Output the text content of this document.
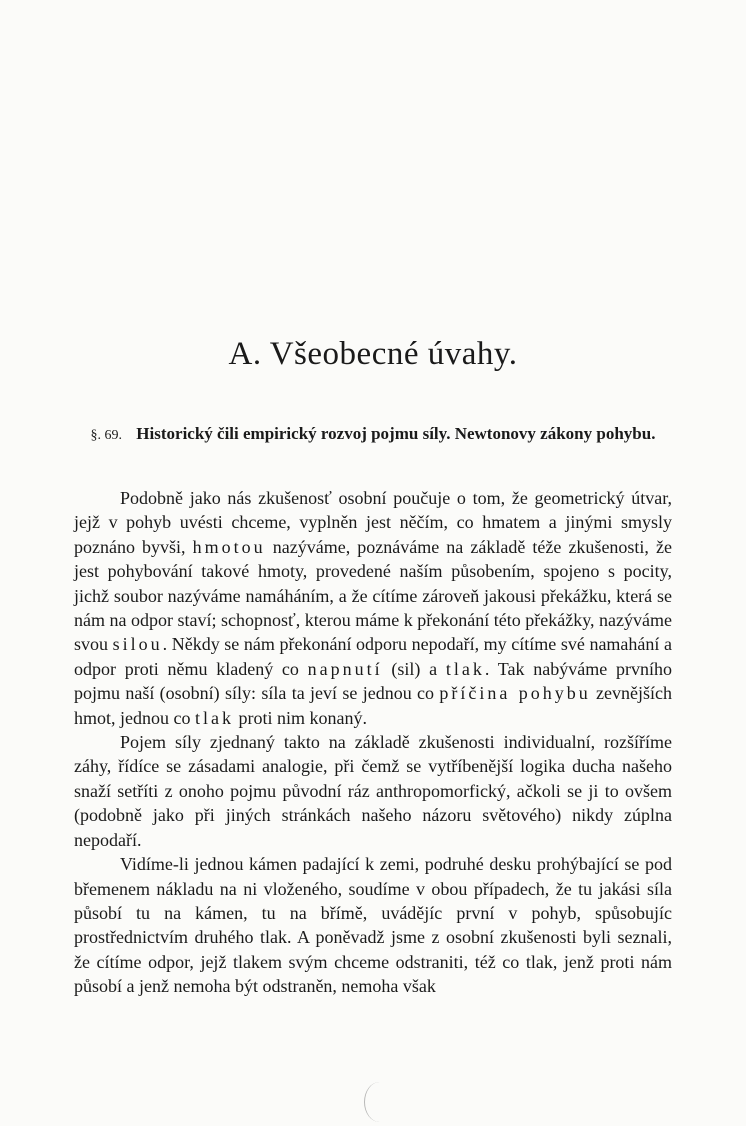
A. Všeobecné úvahy.
§. 69. Historický čili empirický rozvoj pojmu síly. Newtonovy zákony pohybu.

Podobně jako nás zkušenosť osobní poučuje o tom, že geometrický útvar, jejž v pohyb uvésti chceme, vyplněn jest něčím, co hmatem a jinými smysly poznáno byvši, hmotou nazýváme, poznáváme na základě téže zkušenosti, že jest pohybování takové hmoty, provedené naším působením, spojeno s pocity, jichž soubor nazýváme namáháním, a že cítíme zároveň jakousi překážku, která se nám na odpor staví; schopnosť, kterou máme k překonání této překážky, nazýváme svou silou. Někdy se nám překonání odporu nepodaří, my cítíme své namahání a odpor proti němu kladený co napnutí (sil) a tlak. Tak nabýváme prvního pojmu naší (osobní) síly: síla ta jeví se jednou co příčina pohybu zevnějších hmot, jednou co tlak proti nim konaný.

Pojem síly zjednaný takto na základě zkušenosti individualní, rozšíříme záhy, řídíce se zásadami analogie, při čemž se vytříbenější logika ducha našeho snaží setříti z onoho pojmu původní ráz anthropomorfický, ačkoli se ji to ovšem (podobně jako při jiných stránkách našeho názoru světového) nikdy zúplna nepodaří.

Vidíme-li jednou kámen padající k zemi, podruhé desku prohýbající se pod břemenem nákladu na ni vloženého, soudíme v obou případech, že tu jakási síla působí tu na kámen, tu na břímě, uvádějíc první v pohyb, spůsobujíc prostřednictvím druhého tlak. A poněvadž jsme z osobní zkušenosti byli seznali, že cítíme odpor, jejž tlakem svým chceme odstraniti, též co tlak, jenž proti nám působí a jenž nemoha být odstraněn, nemoha však
